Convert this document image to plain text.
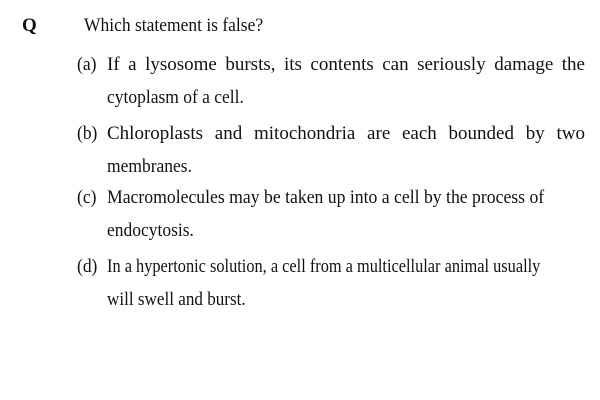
Q Which statement is false?
(a) If a lysosome bursts, its contents can seriously damage the
cytoplasm of a cell.
(b) Chloroplasts and mitochondria are each bounded by two
membranes.
(c) Macromolecules may be taken up into a cell by the process of
endocytosis.
(d) In a hypertonic solution, a cell from a multicellular animal usually
will swell and burst.
